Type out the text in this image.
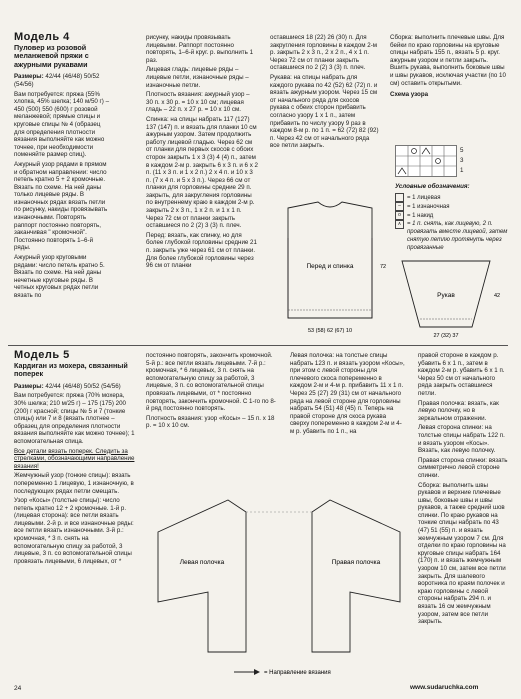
Модель 4
Пуловер из розовой меланжевой пряжи с ажурными рукавами

Размеры: 42/44 (46/48) 50/52 (54/56)

Вам потребуется: пряжа (55% хлопка, 45% шелка; 140 м/50 г) – 450 (500) 550 (600) г розовой меланжевой; прямые спицы и круговые спицы № 4 (образец для определения плотности вязания выполняйте как можно точнее, при необходимости поменяйте размер спиц).

Ажурный узор рядами в прямом и обратном направлении: число петель кратно 5 + 2 кромочные. Вязать по схеме. На ней даны только лицевые ряды. В изнаночных рядах вязать петли по рисунку, накиды провязывать изнаночными. Повторять раппорт постоянно повторять, заканчивая " кромочной". Постоянно повторять 1–6-й ряды.

Ажурный узор круговыми рядами: число петель кратно 5. Вязать по схеме. На ней даны нечетные круговые ряды. В четных круговых рядах петли вязать по

рисунку, накиды провязывать лицевыми. Раппорт постоянно повторять, 1–6-й круг. р. выполнить 1 раз.

Лицевая гладь: лицевые ряды – лицевые петли, изнаночные ряды – изнаночные петли.

Плотность вязания: ажурный узор – 30 п. х 30 р. = 10 х 10 см; лицевая гладь – 22 п. х 27 р. = 10 х 10 см.

Спинка: на спицы набрать 117 (127) 137 (147) п. и вязать для планки 10 см ажурным узором. Затем продолжить работу лицевой гладью. Через 62 см от планки для первых скосов с обоих сторон закрыть 1 х 3 (3) 4 (4) п., затем в каждом 2-м р. закрыть 6 х 3 п. и 6 х 2 п. (11 х 3 п. и 1 х 2 п.) 2 х 4 п. и 10 х 3 п. (7 х 4 п. и 5 х 3 п.). Через 66 см от планки для горловины средние 29 п. закрыть, для закругления горловины по внутреннему краю в каждом 2-м р. закрыть 2 х 3 п., 1 х 2 п. и 1 х 1 п. Через 72 см от планки закрыть оставшиеся по 2 (2) 3 (3) п. плеч.

Перед: вязать, как спинку, но для более глубокой горловины средние 21 п. закрыть уже через 61 см от планки. Для более глубокой горловины через 96 см от планки

оставшиеся 18 (22) 26 (30) п. Для закругления горловины в каждом 2-м р. закрыть 2 х 3 п., 2 х 2 п., 4 х 1 п. Через 72 см от планки закрыть оставшиеся по 2 (2) 3 (3) п. плеч.

Рукава: на спицы набрать для каждого рукава по 42 (52) 62 (72) п. и вязать ажурным узором. Через 15 см от начального ряда для скосов рукава с обеих сторон прибавить согласно узору 1 х 1 п., затем прибавить по числу узору 9 раз в каждом 8-м р. по 1 п. = 62 (72) 82 (92) п. Через 42 см от начального ряда все петли закрыть.

Сборка: выполнить плечевые швы. Для бейки по краю горловины на круговые спицы набрать 155 п., вязать 5 р. круг. ажурным узором и петли закрыть. Вшить рукава, выполнить боковые швы и швы рукавов, исключая участки (по 10 см) оставить открытыми.

Схема узора
5
3
1
Условные обозначения:
= 1 лицевая
– = 1 изнаночная
o = 1 накид
∧ = 1 п. снять, как лицевую, 2 п. провязать вместе лицевой, затем снятую петлю протянуть через провязанные
Перед и спинка
53 (58) 62 (67) 10
72
Рукав
27 (32) 37
42
Модель 5
Кардиган из мохера, связанный поперек

Размеры: 42/44 (46/48) 50/52 (54/56)

Вам потребуется: пряжа (70% мохера, 30% шелка; 210 м/25 г) – 175 (175) 200 (200) г красной; спицы № 5 и 7 (тонкие спицы) или 7 и 8 (вязать плотнее – образец для определения плотности вязания выполняйте как можно точнее); 1 вспомогательная спица.

Все детали вязать поперек. Следить за стрелками, обозначающими направление вязания!

Жемчужный узор (тонкие спицы): вязать попеременно 1 лицевую, 1 изнаночную, в последующих рядах петли смещать.

Узор «Косы» (толстые спицы): число петель кратно 12 + 2 кромочные. 1-й р. (лицевая сторона): все петли вязать лицевыми. 2-й р. и все изнаночные ряды: все петли вязать изнаночными. 3-й р.: кромочная, * 3 п. снять на вспомогательную спицу за работой, 3 лицевые, 3 п. со вспомогательной спицы провязать лицевыми, 6 лицевых, от *

постоянно повторять, закончить кромочной. 5-й р.: все петли вязать лицевыми. 7-й р.: кромочная, * 6 лицевых, 3 п. снять на вспомогательную спицу за работой, 3 лицевые, 3 п. со вспомогательной спицы провязать лицевыми, от * постоянно повторять, закончить кромочной. С 1-го по 8-й ряд постоянно повторять.

Плотность вязания: узор «Косы» – 15 п. х 18 р. = 10 х 10 см.

Левая полочка: на толстые спицы набрать 123 п. и вязать узором «Косы», при этом с левой стороны для плечевого скоса попеременно в каждом 2-м и 4-м р. прибавить 11 х 1 п. Через 25 (27) 29 (31) см от начального ряда на левой стороне для горловины набрать 54 (51) 48 (45) п. Теперь на правой стороне для скоса рукава сверху попеременно в каждом 2-м и 4-м р. убавить по 1 п., на

правой стороне в каждом р. убавить 6 х 1 п., затем в каждом 2-м р. убавить 6 х 1 п. Через 50 см от начального ряда закрыть оставшиеся петли.

Правая полочка: вязать, как левую полочку, но в зеркальном отражении.

Левая сторона спинки: на толстые спицы набрать 122 п. и вязать узором «Косы». Вязать, как левую полочку.

Правая сторона спинки: вязать симметрично левой стороне спинки.

Сборка: выполнить швы рукавов и верхние плечевые швы, боковые швы и швы рукавов, а также средний шов спинки. По краю рукавов на тонкие спицы набрать по 43 (47) 51 (55) п. и вязать жемчужным узором 7 см. Для отделки по краю горловины на круговые спицы набрать 164 (170) п. и вязать жемчужным узором 10 см, затем все петли закрыть. Для шалевого воротника по краям полочек и краю горловины с левой стороны набрать 294 п. и вязать 16 см жемчужным узором, затем все петли закрыть.

Левая полочка	Правая полочка
= Направление вязания
24	www.sudaruchka.com
